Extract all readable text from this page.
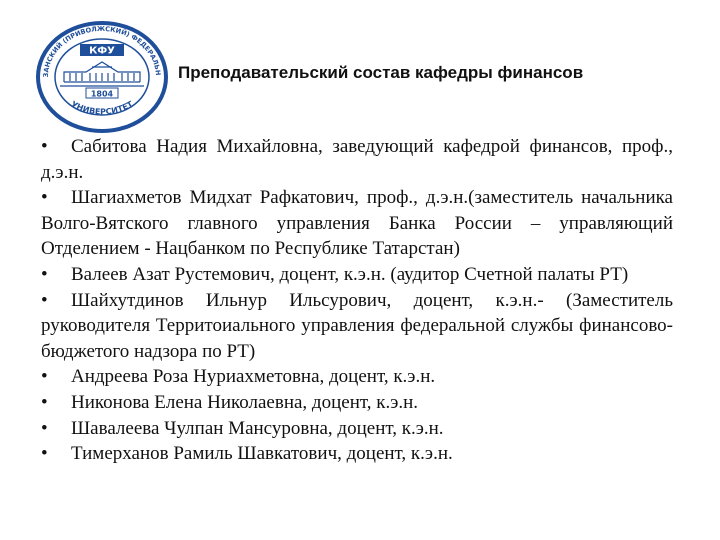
ЗАНСКИЙ (ПРИВОЛЖСКИЙ) ФЕДЕРАЛЬН
УНИВЕРСИТЕТ
КФУ
1804
Преподавательский состав кафедры финансов
• Сабитова Надия Михайловна, заведующий кафедрой финансов, проф., д.э.н.
• Шагиахметов Мидхат Рафкатович, проф., д.э.н.(заместитель начальника Волго-Вятского главного управления Банка России – управляющий Отделением - Нацбанком по Республике Татарстан)
• Валеев Азат Рустемович, доцент, к.э.н. (аудитор Счетной палаты РТ)
• Шайхутдинов Ильнур Ильсурович, доцент, к.э.н.- (Заместитель руководителя Территоиального управления федеральной службы финансово-бюджетого надзора по РТ)
• Андреева Роза Нуриахметовна, доцент, к.э.н.
• Никонова Елена Николаевна, доцент, к.э.н.
• Шавалеева Чулпан Мансуровна, доцент, к.э.н.
• Тимерханов Рамиль Шавкатович, доцент, к.э.н.
